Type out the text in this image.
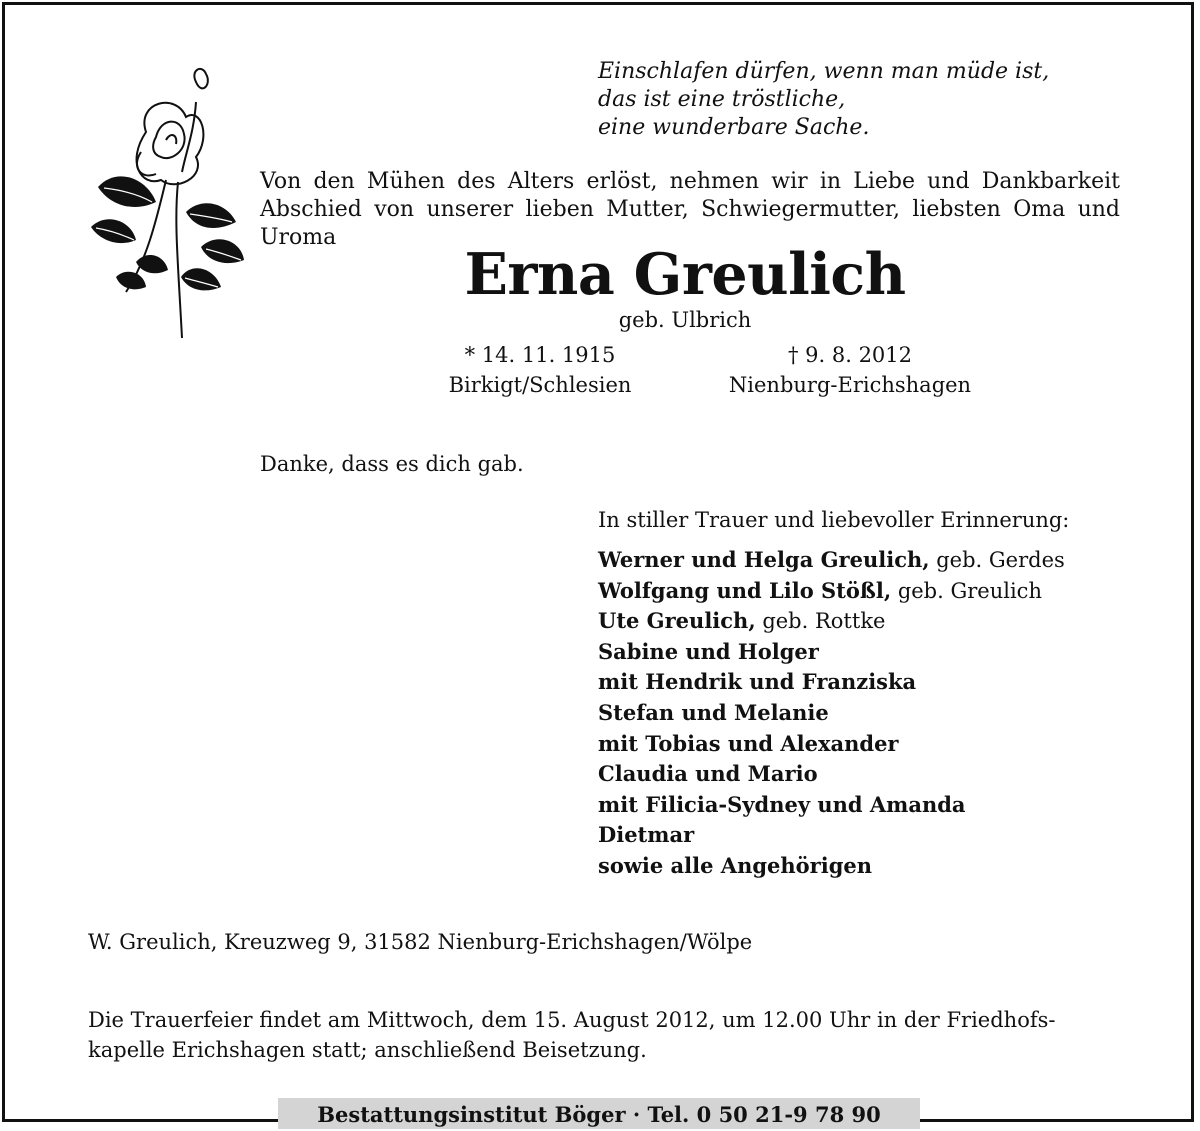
Einschlafen dürfen, wenn man müde ist,
das ist eine tröstliche,
eine wunderbare Sache.
Von den Mühen des Alters erlöst, nehmen wir in Liebe und Dankbarkeit
Abschied von unserer lieben Mutter, Schwiegermutter, liebsten Oma und
Uroma
Erna Greulich
geb. Ulbrich
* 14. 11. 1915
Birkigt/Schlesien
† 9. 8. 2012
Nienburg-Erichshagen
Danke, dass es dich gab.
In stiller Trauer und liebevoller Erinnerung:
Werner und Helga Greulich, geb. Gerdes
Wolfgang und Lilo Stößl, geb. Greulich
Ute Greulich, geb. Rottke
Sabine und Holger
mit Hendrik und Franziska
Stefan und Melanie
mit Tobias und Alexander
Claudia und Mario
mit Filicia-Sydney und Amanda
Dietmar
sowie alle Angehörigen
W. Greulich, Kreuzweg 9, 31582 Nienburg-Erichshagen/Wölpe
Die Trauerfeier findet am Mittwoch, dem 15. August 2012, um 12.00 Uhr in der Friedhofs-
kapelle Erichshagen statt; anschließend Beisetzung.
Bestattungsinstitut Böger · Tel. 0 50 21-9 78 90
